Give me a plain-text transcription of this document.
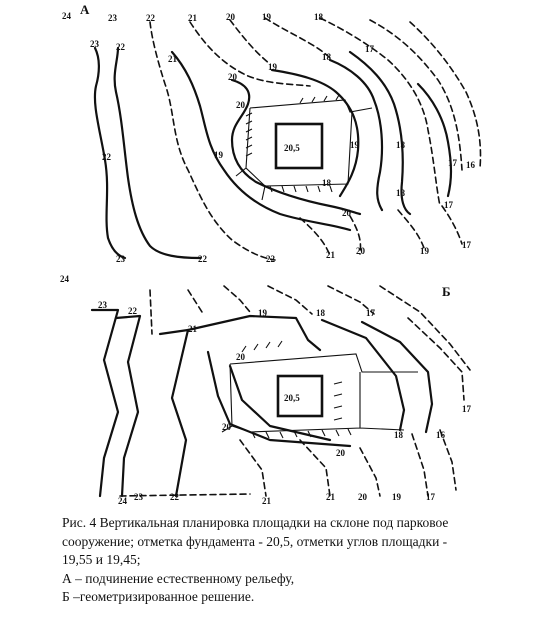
А
20,5
24	23	22	21	20	19	18
23 22
21
20
19
18
17
22
19	18
17 16
18
17
20
23	22	22	21 20	19
17
20
19
18
Б
20,5
24
23
22
21
19	18	17
20
20
20
18	16
17
24 23	22	21	21	20	19	17
Рис. 4 Вертикальная планировка площадки на склоне под парковое
сооружение; отметка фундамента - 20,5, отметки углов площадки -
19,55 и 19,45;
А – подчинение естественному рельефу,
Б –геометризированное решение.
